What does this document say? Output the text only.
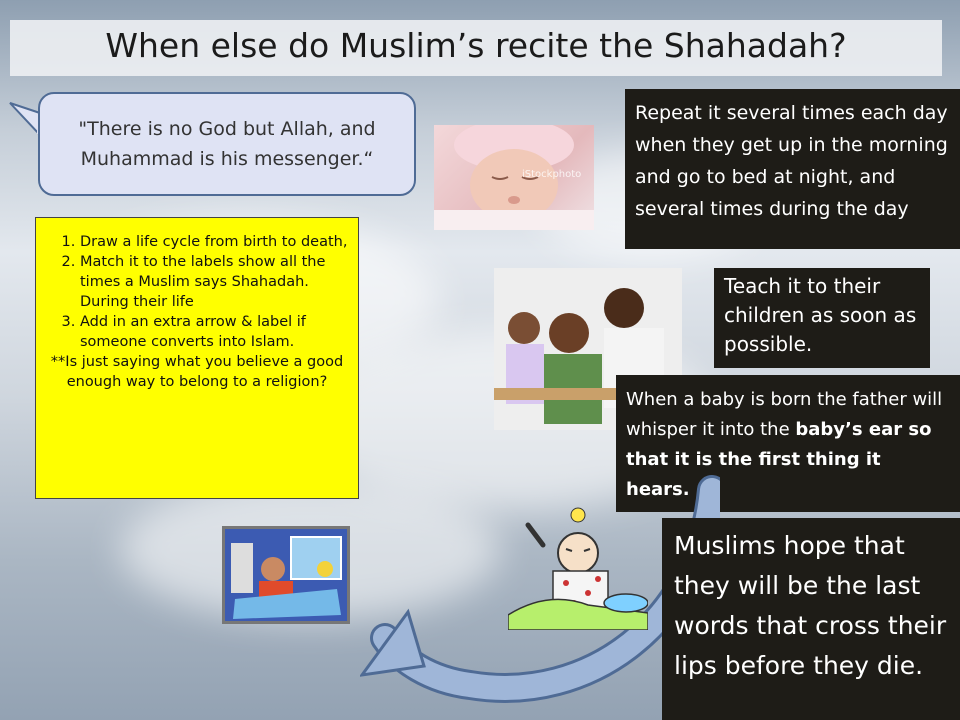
When else do Muslim’s recite the Shahadah?
"There is no God but Allah, and
Muhammad is his messenger.“
1. Draw a life cycle from birth to death,
2. Match it to the labels show all the times a Muslim says Shahadah. During their life
3. Add in an extra arrow & label if someone converts into Islam.
**Is just saying what you believe a good enough way to belong to a religion?
iStockphoto
Repeat it several times each day when they get up in the morning and go to bed at night, and several times during the day
Teach it to their children as soon as possible.
When a baby is born the father will whisper it into the baby’s ear so that it is the first thing it hears.
Muslims hope that they will be the last words that cross their lips before they die.
